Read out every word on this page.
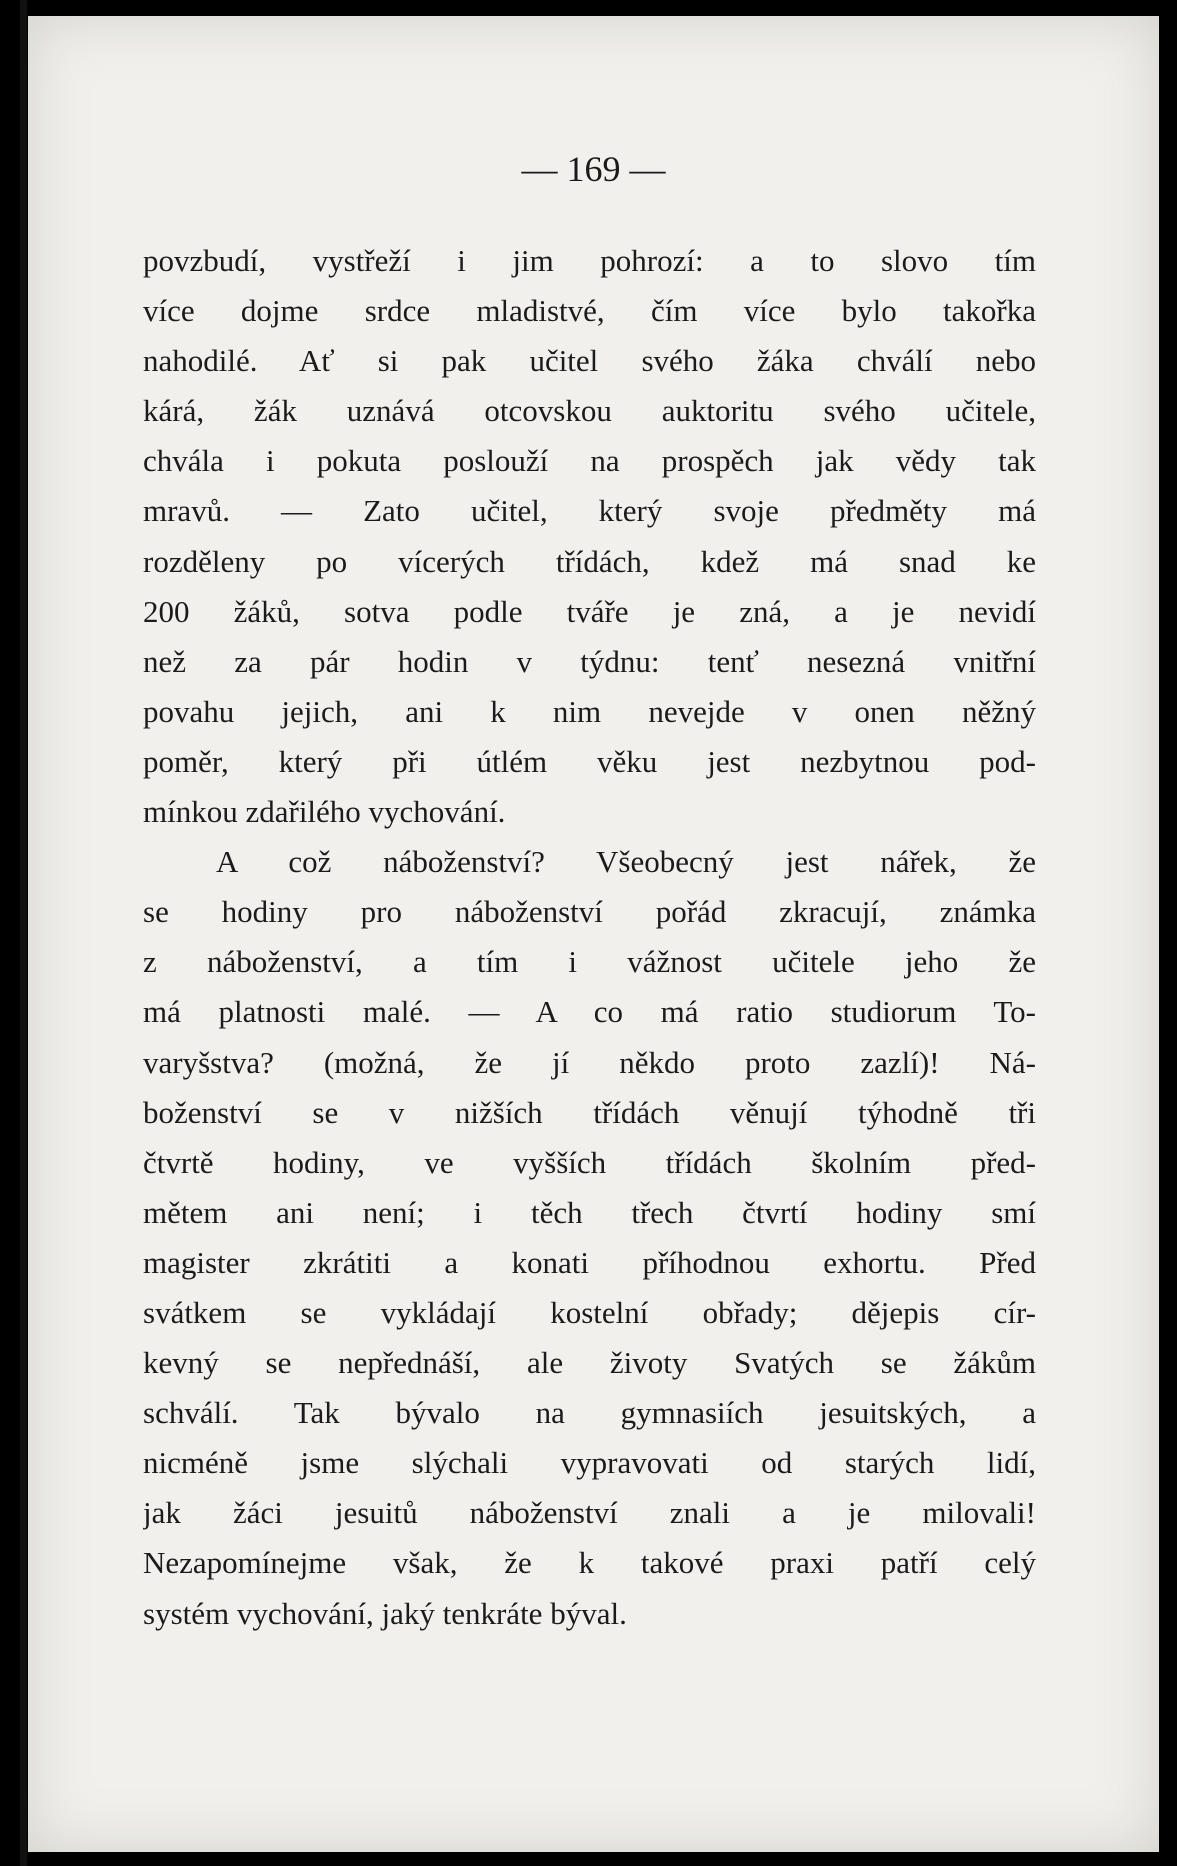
— 169 —
povzbudí, vystřeží i jim pohrozí: a to slovo tím
více dojme srdce mladistvé, čím více bylo takořka
nahodilé. Ať si pak učitel svého žáka chválí nebo
kárá, žák uznává otcovskou auktoritu svého učitele,
chvála i pokuta poslouží na prospěch jak vědy tak
mravů. — Zato učitel, který svoje předměty má
rozděleny po vícerých třídách, kdež má snad ke
200 žáků, sotva podle tváře je zná, a je nevidí
než za pár hodin v týdnu: tenť nesezná vnitřní
povahu jejich, ani k nim nevejde v onen něžný
poměr, který při útlém věku jest nezbytnou pod-
mínkou zdařilého vychování.
A což náboženství? Všeobecný jest nářek, že
se hodiny pro náboženství pořád zkracují, známka
z náboženství, a tím i vážnost učitele jeho že
má platnosti malé. — A co má ratio studiorum To-
varyšstva? (možná, že jí někdo proto zazlí)! Ná-
boženství se v nižších třídách věnují týhodně tři
čtvrtě hodiny, ve vyšších třídách školním před-
mětem ani není; i těch třech čtvrtí hodiny smí
magister zkrátiti a konati příhodnou exhortu. Před
svátkem se vykládají kostelní obřady; dějepis cír-
kevný se nepřednáší, ale životy Svatých se žákům
schválí. Tak bývalo na gymnasiích jesuitských, a
nicméně jsme slýchali vypravovati od starých lidí,
jak žáci jesuitů náboženství znali a je milovali!
Nezapomínejme však, že k takové praxi patří celý
systém vychování, jaký tenkráte býval.
